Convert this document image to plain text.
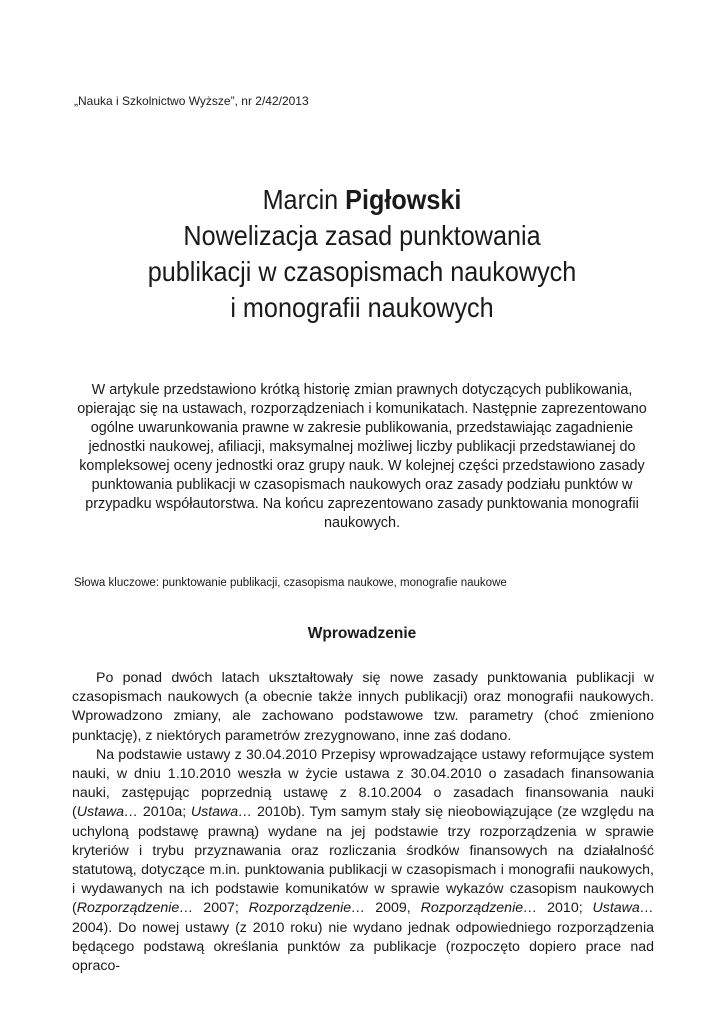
„Nauka i Szkolnictwo Wyższe”, nr 2/42/2013
Marcin Pigłowski
Nowelizacja zasad punktowania
publikacji w czasopismach naukowych
i monografii naukowych
W artykule przedstawiono krótką historię zmian prawnych dotyczących publikowania, opierając się na ustawach, rozporządzeniach i komunikatach. Następnie zaprezentowano ogólne uwarunkowania prawne w zakresie publikowania, przedstawiając zagadnienie jednostki naukowej, afiliacji, maksymalnej możliwej liczby publikacji przedstawianej do kompleksowej oceny jednostki oraz grupy nauk. W kolejnej części przedstawiono zasady punktowania publikacji w czasopismach naukowych oraz zasady podziału punktów w przypadku współautorstwa. Na końcu zaprezentowano zasady punktowania monografii naukowych.
Słowa kluczowe: punktowanie publikacji, czasopisma naukowe, monografie naukowe
Wprowadzenie

Po ponad dwóch latach ukształtowały się nowe zasady punktowania publikacji w czasopismach naukowych (a obecnie także innych publikacji) oraz monografii naukowych. Wprowadzono zmiany, ale zachowano podstawowe tzw. parametry (choć zmieniono punktację), z niektórych parametrów zrezygnowano, inne zaś dodano.

Na podstawie ustawy z 30.04.2010 Przepisy wprowadzające ustawy reformujące system nauki, w dniu 1.10.2010 weszła w życie ustawa z 30.04.2010 o zasadach finansowania nauki, zastępując poprzednią ustawę z 8.10.2004 o zasadach finansowania nauki (Ustawa… 2010a; Ustawa… 2010b). Tym samym stały się nieobowiązujące (ze względu na uchyloną podstawę prawną) wydane na jej podstawie trzy rozporządzenia w sprawie kryteriów i trybu przyznawania oraz rozliczania środków finansowych na działalność statutową, dotyczące m.in. punktowania publikacji w czasopismach i monografii naukowych, i wydawanych na ich podstawie komunikatów w sprawie wykazów czasopism naukowych (Rozporządzenie… 2007; Rozporządzenie… 2009, Rozporządzenie… 2010; Ustawa… 2004). Do nowej ustawy (z 2010 roku) nie wydano jednak odpowiedniego rozporządzenia będącego podstawą określania punktów za publikacje (rozpoczęto dopiero prace nad opraco-
